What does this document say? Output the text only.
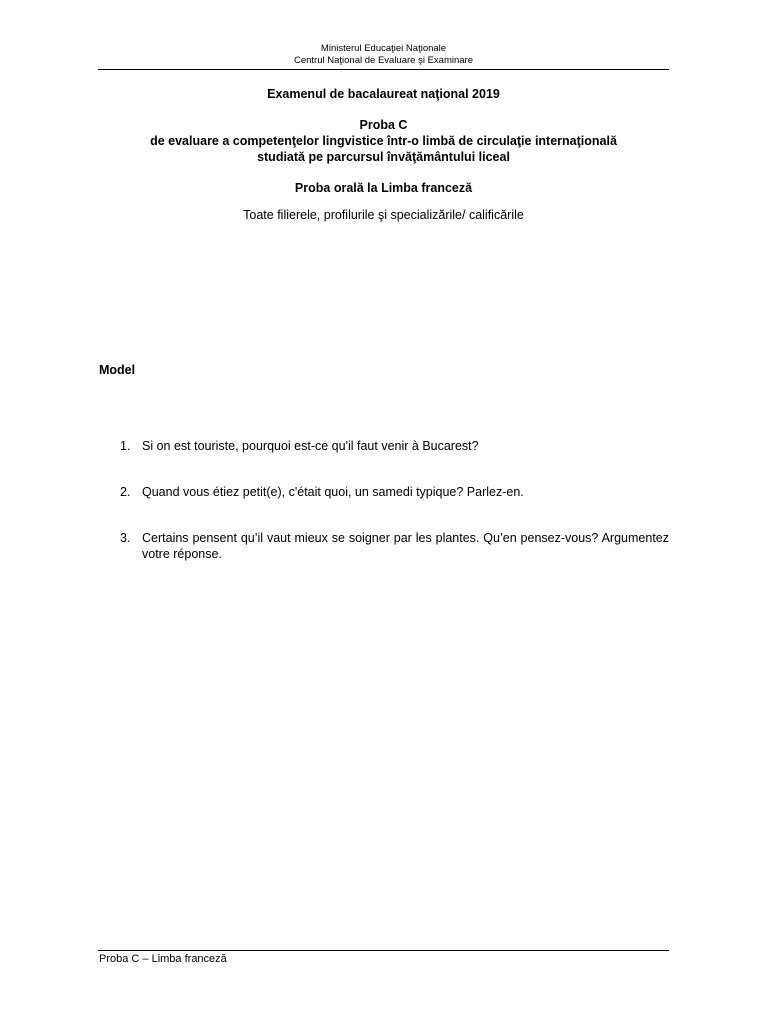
Ministerul Educaţiei Naţionale
Centrul Naţional de Evaluare şi Examinare
Examenul de bacalaureat naţional 2019
Proba C
de evaluare a competenţelor lingvistice într-o limbă de circulaţie internaţională
studiată pe parcursul învăţământului liceal
Proba orală la Limba franceză
Toate filierele, profilurile şi specializările/ calificările
Model
1. Si on est touriste, pourquoi est-ce qu'il faut venir à Bucarest?
2. Quand vous étiez petit(e), c'était quoi, un samedi typique? Parlez-en.
3. Certains pensent qu’il vaut mieux se soigner par les plantes. Qu’en pensez-vous? Argumentez votre réponse.
Proba C – Limba franceză
